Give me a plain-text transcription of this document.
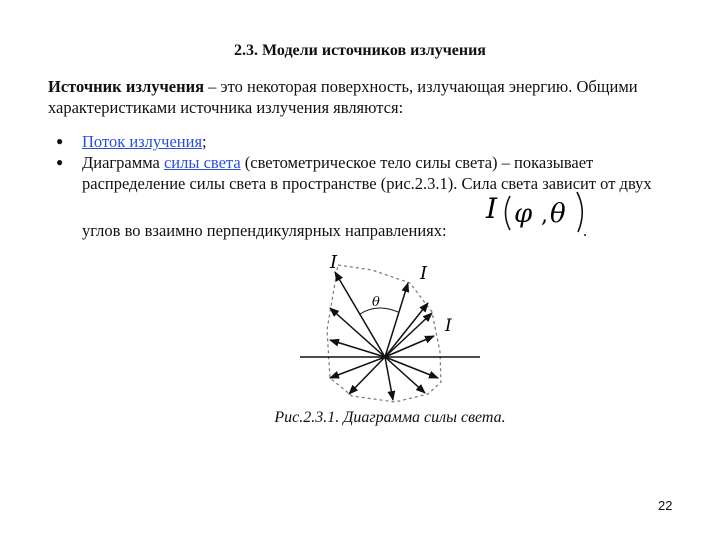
2.3. Модели источников излучения
Источник излучения – это некоторая поверхность, излучающая энергию. Общими характеристиками источника излучения являются:
● Поток излучения;
● Диаграмма силы света (светометрическое тело силы света) – показывает распределение силы света в пространстве (рис.2.3.1). Сила света зависит от двух
углов во взаимно перпендикулярных направлениях:
I φ , θ
I
I
I
θ
.
Рис.2.3.1. Диаграмма силы света.
22
